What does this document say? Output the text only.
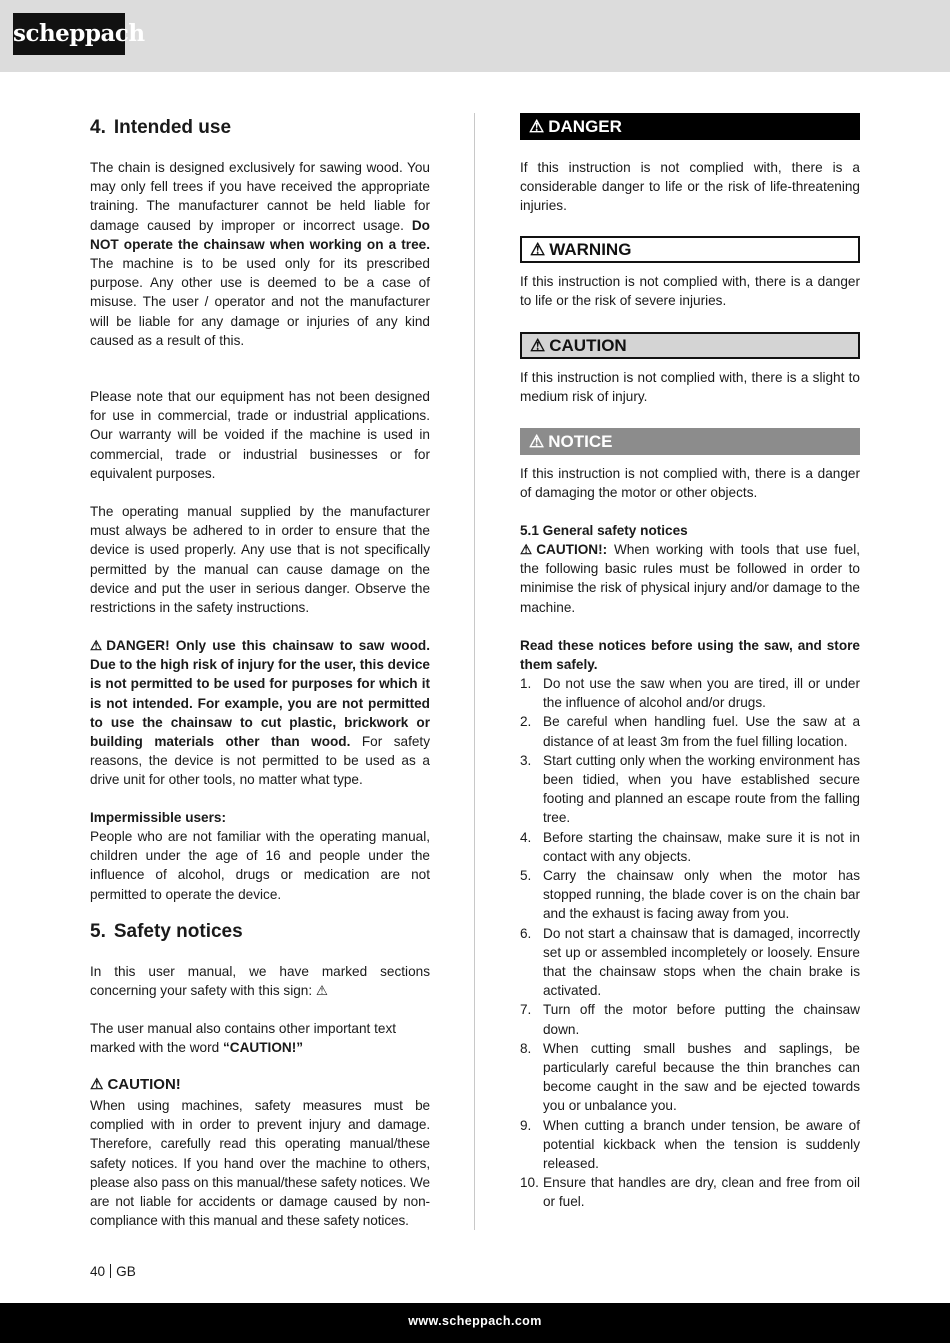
scheppach
4. Intended use
The chain is designed exclusively for sawing wood. You may only fell trees if you have received the appropriate training. The manufacturer cannot be held liable for damage caused by improper or incorrect usage. Do NOT operate the chainsaw when working on a tree. The machine is to be used only for its prescribed purpose. Any other use is deemed to be a case of misuse. The user / operator and not the manufacturer will be liable for any damage or injuries of any kind caused as a result of this.
Please note that our equipment has not been designed for use in commercial, trade or industrial applications. Our warranty will be voided if the machine is used in commercial, trade or industrial businesses or for equivalent purposes.
The operating manual supplied by the manufacturer must always be adhered to in order to ensure that the device is used properly. Any use that is not specifically permitted by the manual can cause damage on the device and put the user in serious danger. Observe the restrictions in the safety instructions.
⚠ DANGER! Only use this chainsaw to saw wood. Due to the high risk of injury for the user, this device is not permitted to be used for purposes for which it is not intended. For example, you are not permitted to use the chainsaw to cut plastic, brickwork or building materials other than wood. For safety reasons, the device is not permitted to be used as a drive unit for other tools, no matter what type.
Impermissible users:
People who are not familiar with the operating manual, children under the age of 16 and people under the influence of alcohol, drugs or medication are not permitted to operate the device.
5. Safety notices
In this user manual, we have marked sections concerning your safety with this sign: ⚠
The user manual also contains other important text marked with the word “CAUTION!”
⚠ CAUTION!
When using machines, safety measures must be complied with in order to prevent injury and damage. Therefore, carefully read this operating manual/these safety notices. If you hand over the machine to others, please also pass on this manual/these safety notices. We are not liable for accidents or damage caused by non-compliance with this manual and these safety notices.
⚠ DANGER
If this instruction is not complied with, there is a considerable danger to life or the risk of life-threatening injuries.
⚠ WARNING
If this instruction is not complied with, there is a danger to life or the risk of severe injuries.
⚠ CAUTION
If this instruction is not complied with, there is a slight to medium risk of injury.
⚠ NOTICE
If this instruction is not complied with, there is a danger of damaging the motor or other objects.
5.1 General safety notices
⚠ CAUTION!: When working with tools that use fuel, the following basic rules must be followed in order to minimise the risk of physical injury and/or damage to the machine.
Read these notices before using the saw, and store them safely.
1. Do not use the saw when you are tired, ill or under the influence of alcohol and/or drugs.
2. Be careful when handling fuel. Use the saw at a distance of at least 3m from the fuel filling location.
3. Start cutting only when the working environment has been tidied, when you have established secure footing and planned an escape route from the falling tree.
4. Before starting the chainsaw, make sure it is not in contact with any objects.
5. Carry the chainsaw only when the motor has stopped running, the blade cover is on the chain bar and the exhaust is facing away from you.
6. Do not start a chainsaw that is damaged, incorrectly set up or assembled incompletely or loosely. Ensure that the chainsaw stops when the chain brake is activated.
7. Turn off the motor before putting the chainsaw down.
8. When cutting small bushes and saplings, be particularly careful because the thin branches can become caught in the saw and be ejected towards you or unbalance you.
9. When cutting a branch under tension, be aware of potential kickback when the tension is suddenly released.
10. Ensure that handles are dry, clean and free from oil or fuel.
40 GB
www.scheppach.com
